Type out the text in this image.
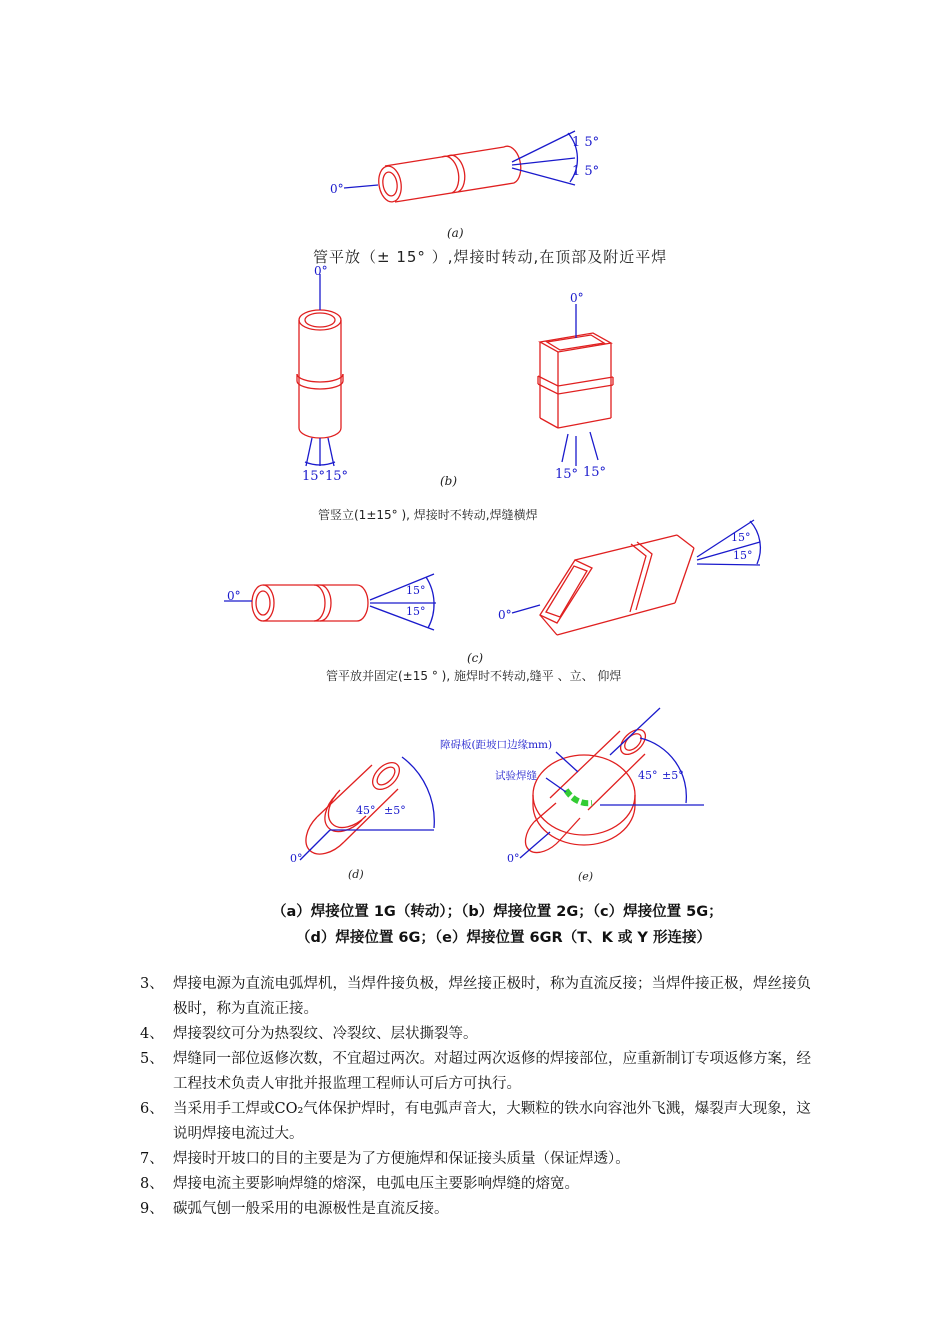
0°
1 5°
1 5°
(a)
0°
15° 15°
0°
15° 15°
(b)
0°	15°
15°	0°
15°
15°
(c)
0°
45° ±5°
(d)
障碍板(距坡口边缘mm)
试验焊缝	45° ±5°
0°
(e)
管平放（± 15° ）,焊接时转动,在顶部及附近平焊
管竖立(1±15° ), 焊接时不转动,焊缝横焊
管平放并固定(±15 ° ), 施焊时不转动,缝平 、立、 仰焊
（a）焊接位置 1G（转动）；（b）焊接位置 2G；（c）焊接位置 5G；
（d）焊接位置 6G；（e）焊接位置 6GR（T、K 或 Y 形连接）
3、 焊接电源为直流电弧焊机，当焊件接负极，焊丝接正极时，称为直流反接；当焊件接正极，焊丝接负极时，称为直流正接。
4、 焊接裂纹可分为热裂纹、冷裂纹、层状撕裂等。
5、 焊缝同一部位返修次数，不宜超过两次。对超过两次返修的焊接部位，应重新制订专项返修方案，经工程技术负责人审批并报监理工程师认可后方可执行。
6、 当采用手工焊或CO₂气体保护焊时，有电弧声音大，大颗粒的铁水向容池外飞溅，爆裂声大现象，这说明焊接电流过大。
7、 焊接时开坡口的目的主要是为了方便施焊和保证接头质量（保证焊透）。
8、 焊接电流主要影响焊缝的熔深，电弧电压主要影响焊缝的熔宽。
9、 碳弧气刨一般采用的电源极性是直流反接。
